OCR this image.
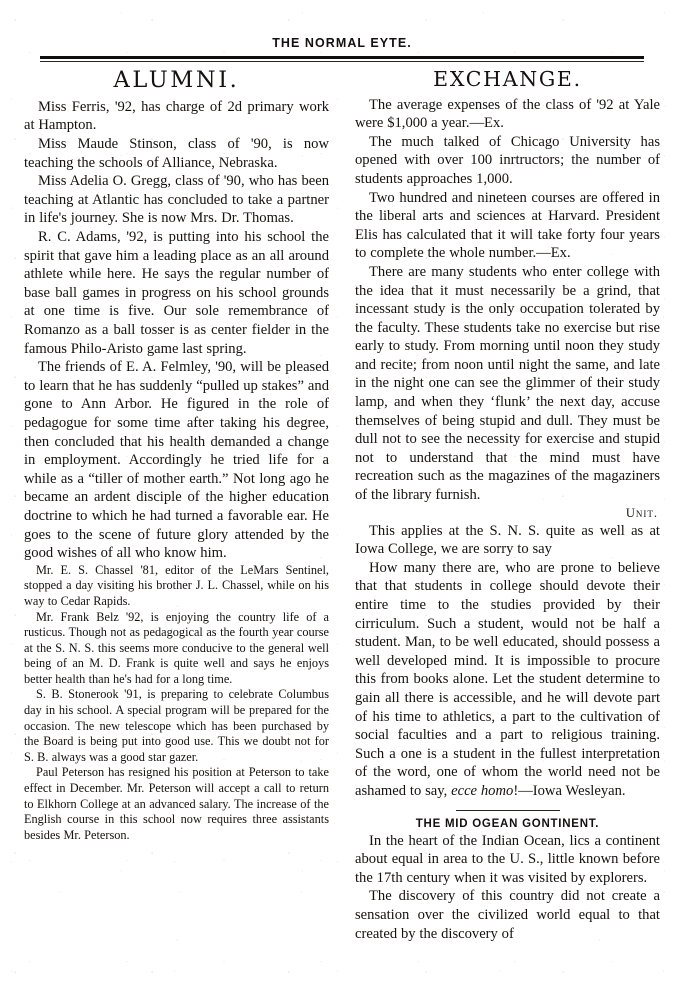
THE NORMAL EYTE.
ALUMNI.

Miss Ferris, '92, has charge of 2d primary work at Hampton.

Miss Maude Stinson, class of '90, is now teaching the schools of Alliance, Nebraska.

Miss Adelia O. Gregg, class of '90, who has been teaching at Atlantic has concluded to take a partner in life's journey. She is now Mrs. Dr. Thomas.

R. C. Adams, '92, is putting into his school the spirit that gave him a leading place as an all around athlete while here. He says the regular number of base ball games in progress on his school grounds at one time is five. Our sole remembrance of Romanzo as a ball tosser is as center fielder in the famous Philo-Aristo game last spring.

The friends of E. A. Felmley, '90, will be pleased to learn that he has suddenly “pulled up stakes” and gone to Ann Arbor. He figured in the role of pedagogue for some time after taking his degree, then concluded that his health demanded a change in employment. Accordingly he tried life for a while as a “tiller of mother earth.” Not long ago he became an ardent disciple of the higher education doctrine to which he had turned a favorable ear. He goes to the scene of future glory attended by the good wishes of all who know him.

Mr. E. S. Chassel '81, editor of the LeMars Sentinel, stopped a day visiting his brother J. L. Chassel, while on his way to Cedar Rapids.

Mr. Frank Belz '92, is enjoying the country life of a rusticus. Though not as pedagogical as the fourth year course at the S. N. S. this seems more conducive to the general well being of an M. D. Frank is quite well and says he enjoys better health than he's had for a long time.

S. B. Stonerook '91, is preparing to celebrate Columbus day in his school. A special program will be prepared for the occasion. The new telescope which has been purchased by the Board is being put into good use. This we doubt not for S. B. always was a good star gazer.

Paul Peterson has resigned his position at Peterson to take effect in December. Mr. Peterson will accept a call to return to Elkhorn College at an advanced salary. The increase of the English course in this school now requires three assistants besides Mr. Peterson.

EXCHANGE.

The average expenses of the class of '92 at Yale were $1,000 a year.—Ex.

The much talked of Chicago University has opened with over 100 inrtructors; the number of students approaches 1,000.

Two hundred and nineteen courses are offered in the liberal arts and sciences at Harvard. President Elis has calculated that it will take forty four years to complete the whole number.—Ex.

There are many students who enter college with the idea that it must necessarily be a grind, that incessant study is the only occupation tolerated by the faculty. These students take no exercise but rise early to study. From morning until noon they study and recite; from noon until night the same, and late in the night one can see the glimmer of their study lamp, and when they ‘flunk’ the next day, accuse themselves of being stupid and dull. They must be dull not to see the necessity for exercise and stupid not to understand that the mind must have recreation such as the magazines of the magaziners of the library furnish.

Unit.

This applies at the S. N. S. quite as well as at Iowa College, we are sorry to say

How many there are, who are prone to believe that that students in college should devote their entire time to the studies provided by their cirriculum. Such a student, would not be half a student. Man, to be well educated, should possess a well developed mind. It is impossible to procure this from books alone. Let the student determine to gain all there is accessible, and he will devote part of his time to athletics, a part to the cultivation of social faculties and a part to religious training. Such a one is a student in the fullest interpretation of the word, one of whom the world need not be ashamed to say, ecce homo!—Iowa Wesleyan.

THE MID OGEAN GONTINENT.

In the heart of the Indian Ocean, lics a continent about equal in area to the U. S., little known before the 17th century when it was visited by explorers.

The discovery of this country did not create a sensation over the civilized world equal to that created by the discovery of
